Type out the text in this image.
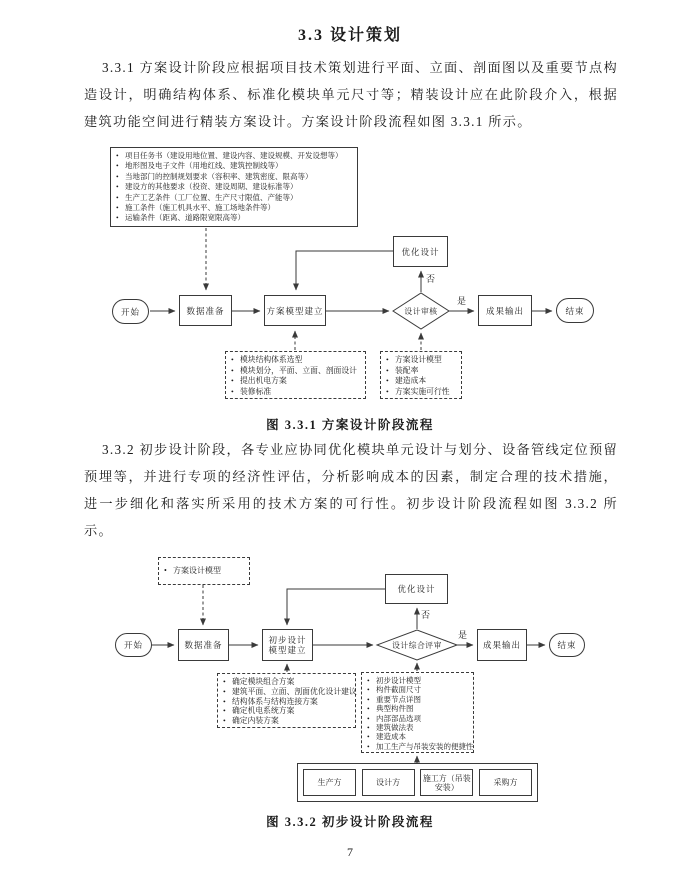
3.3 设计策划
3.3.1 方案设计阶段应根据项目技术策划进行平面、立面、剖面图以及重要节点构造设计，明确结构体系、标准化模块单元尺寸等；精装设计应在此阶段介入，根据建筑功能空间进行精装方案设计。方案设计阶段流程如图 3.3.1 所示。
• 项目任务书（建设用地位置、建设内容、建设规模、开发设想等）
• 地形图及电子文件（用地红线、建筑控制线等）
• 当地部门的控制规划要求（容积率、建筑密度、限高等）
• 建设方的其他要求（投资、建设周期、建设标准等）
• 生产工艺条件（工厂位置、生产尺寸限值、产能等）
• 施工条件（施工机具水平、施工场地条件等）
• 运输条件（距离、道路限宽限高等）
开始	数据准备	方案模型建立
优化设计
设计审核	成果输出	结束
是
否
• 模块结构体系选型
• 模块划分，平面、立面、剖面设计
• 提出机电方案
• 装修标准
• 方案设计模型
• 装配率
• 建造成本
• 方案实施可行性
图 3.3.1 方案设计阶段流程
3.3.2 初步设计阶段，各专业应协同优化模块单元设计与划分、设备管线定位预留预埋等，并进行专项的经济性评估，分析影响成本的因素，制定合理的技术措施，进一步细化和落实所采用的技术方案的可行性。初步设计阶段流程如图 3.3.2 所示。
• 方案设计模型
开始	数据准备	初步设计
模型建立
优化设计
设计综合评审	成果输出	结束
是
否
• 确定模块组合方案
• 建筑平面、立面、剖面优化设计建议
• 结构体系与结构连接方案
• 确定机电系统方案
• 确定内装方案
• 初步设计模型
• 构件截面尺寸
• 重要节点详图
• 典型构件图
• 内部部品选项
• 建筑做法表
• 建造成本
• 加工生产与吊装安装的便捷性
生产方	设计方	施工方（吊装安装）	采购方
图 3.3.2 初步设计阶段流程
7
